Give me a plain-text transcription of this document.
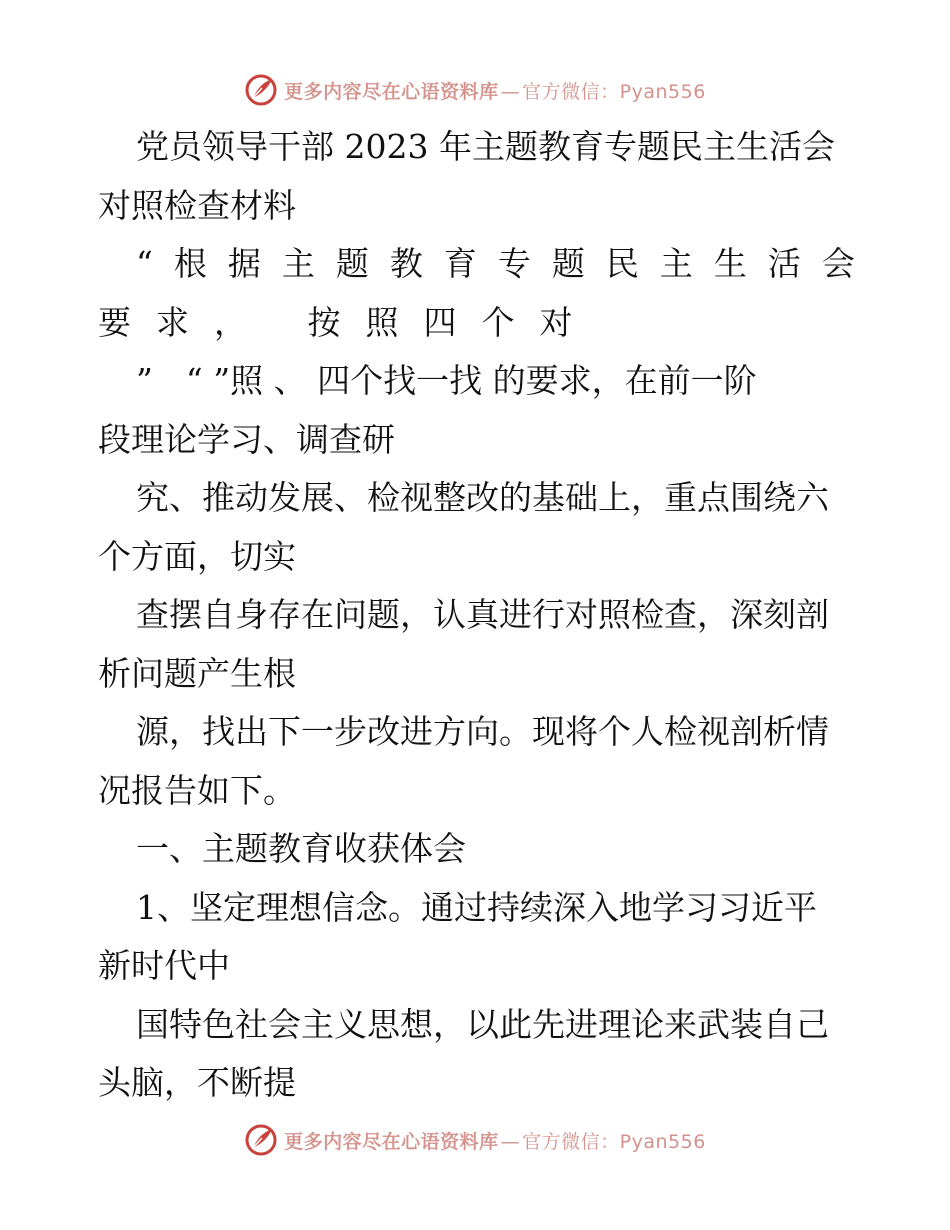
更多内容尽在心语资料库 — 官方微信：Pyan556
党员领导干部 2023 年主题教育专题民主生活会
对照检查材料
“根据主题教育专题民主生活会
要求， 按照四个对
”　“ ”照 、 四个找一找 的要求，在前一阶
段理论学习、调查研
究、推动发展、检视整改的基础上，重点围绕六
个方面，切实
查摆自身存在问题，认真进行对照检查，深刻剖
析问题产生根
源，找出下一步改进方向。现将个人检视剖析情
况报告如下。
一、主题教育收获体会
1、坚定理想信念。通过持续深入地学习习近平
新时代中
国特色社会主义思想，以此先进理论来武装自己
头脑，不断提
更多内容尽在心语资料库 — 官方微信：Pyan556
